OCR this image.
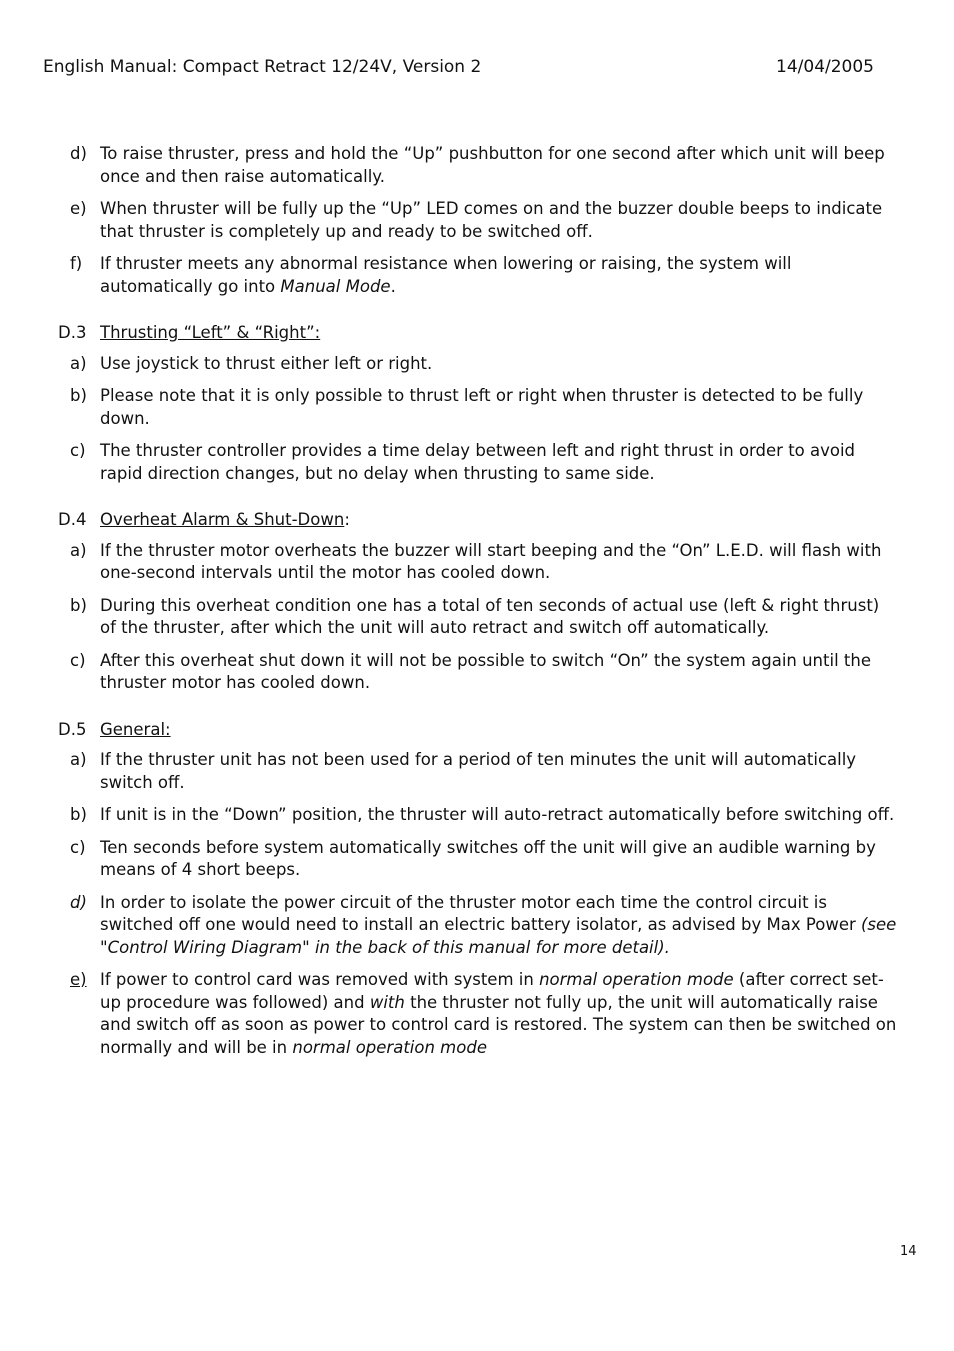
English Manual: Compact Retract 12/24V, Version 2	14/04/2005
d) To raise thruster, press and hold the “Up” pushbutton for one second after which unit will beep once and then raise automatically.
e) When thruster will be fully up the “Up” LED comes on and the buzzer double beeps to indicate that thruster is completely up and ready to be switched off.
f)	If thruster meets any abnormal resistance when lowering or raising, the system will automatically go into Manual Mode.
D.3 Thrusting “Left” & “Right”:
a) Use joystick to thrust either left or right.
b) Please note that it is only possible to thrust left or right when thruster is detected to be fully down.
c) The thruster controller provides a time delay between left and right thrust in order to avoid rapid direction changes, but no delay when thrusting to same side.
D.4 Overheat Alarm & Shut-Down:
a) If the thruster motor overheats the buzzer will start beeping and the “On” L.E.D. will flash with one-second intervals until the motor has cooled down.
b) During this overheat condition one has a total of ten seconds of actual use (left & right thrust) of the thruster, after which the unit will auto retract and switch off automatically.
c) After this overheat shut down it will not be possible to switch “On” the system again until the thruster motor has cooled down.
D.5 General:
a) If the thruster unit has not been used for a period of ten minutes the unit will automatically switch off.
b) If unit is in the “Down” position, the thruster will auto-retract automatically before switching off.
c) Ten seconds before system automatically switches off the unit will give an audible warning by means of 4 short beeps.
d) In order to isolate the power circuit of the thruster motor each time the control circuit is switched off one would need to install an electric battery isolator, as advised by Max Power (see "Control Wiring Diagram" in the back of this manual for more detail).
e) If power to control card was removed with system in normal operation mode (after correct set-up procedure was followed) and with the thruster not fully up, the unit will automatically raise and switch off as soon as power to control card is restored. The system can then be switched on normally and will be in normal operation mode
14
